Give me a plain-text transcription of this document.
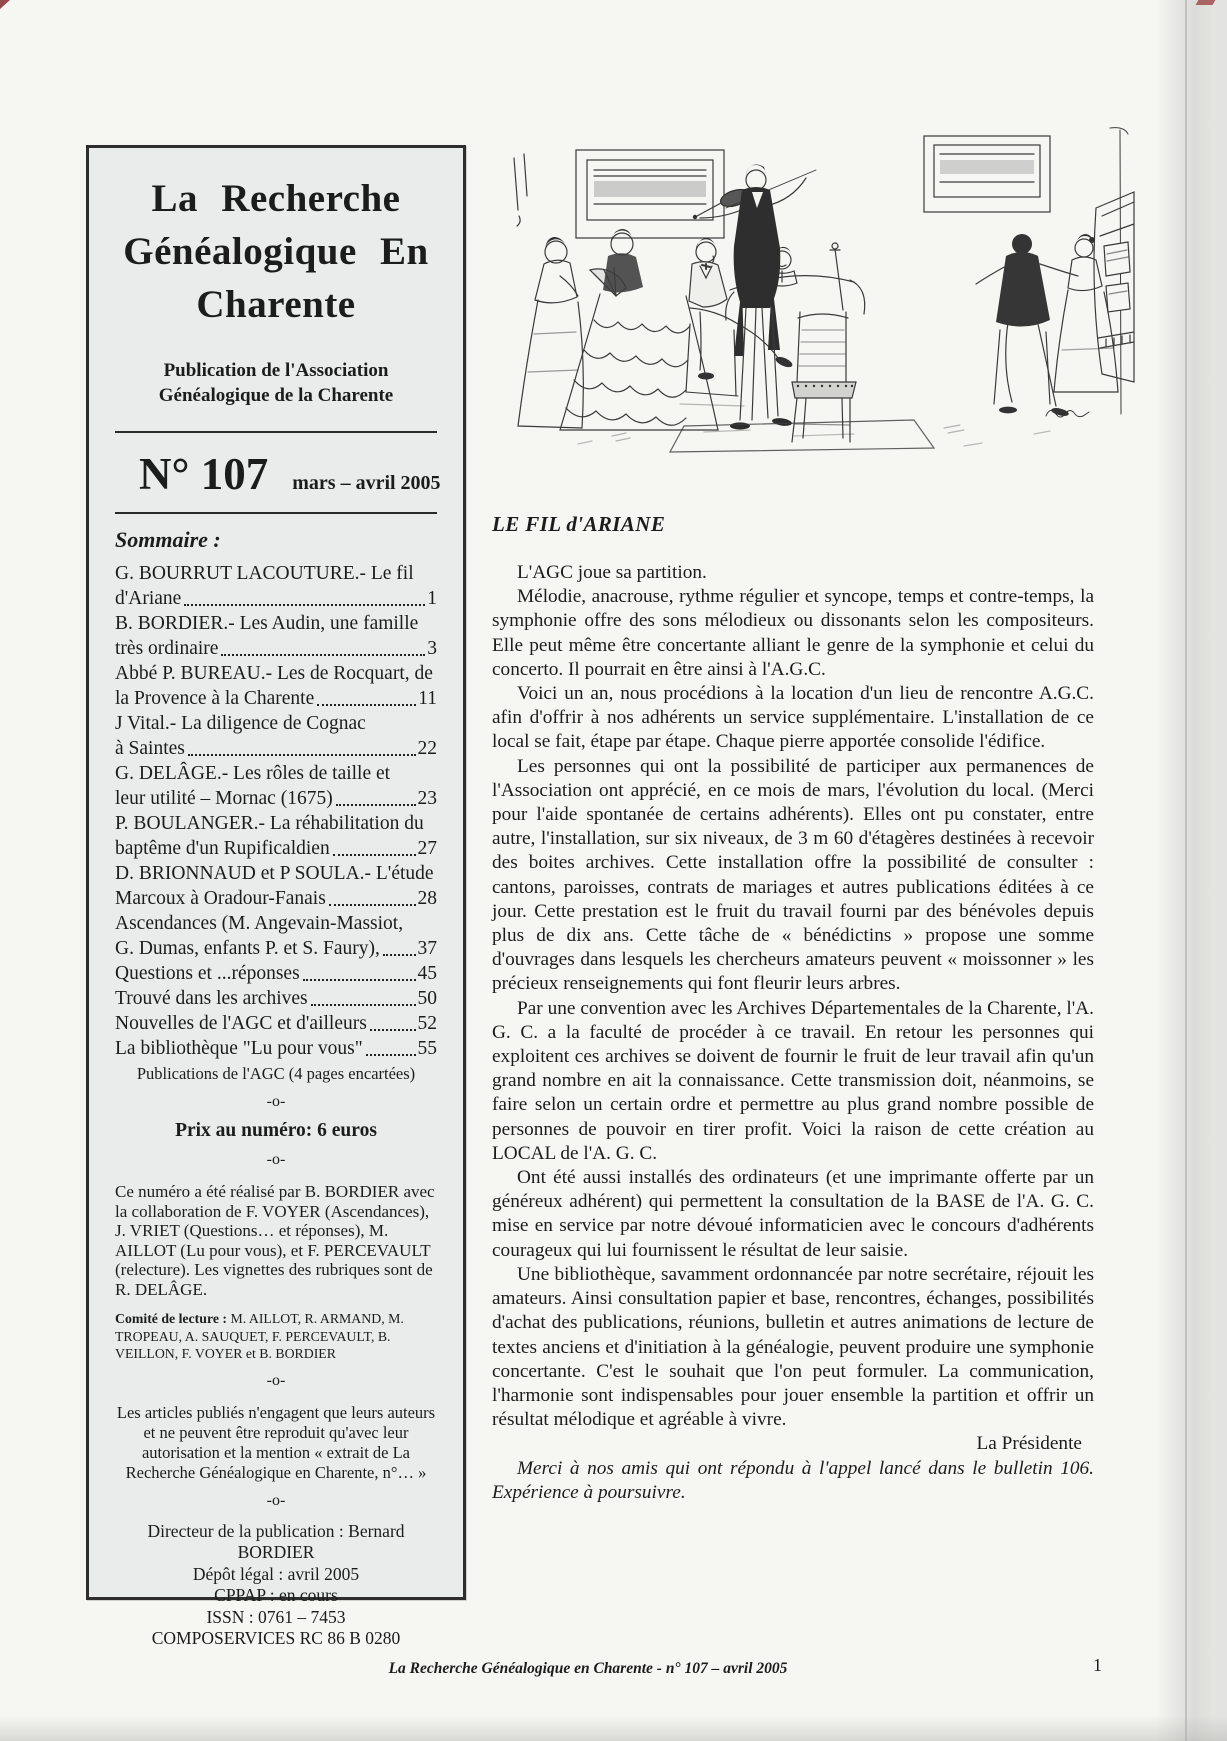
La Recherche Généalogique En Charente
Publication de l'Association
Généalogique de la Charente
N° 107 mars – avril 2005
Sommaire :
G. BOURRUT LACOUTURE.- Le fil
d'Ariane	1
B. BORDIER.- Les Audin, une famille
très ordinaire	3
Abbé P. BUREAU.- Les de Rocquart, de
la Provence à la Charente	11
J Vital.- La diligence de Cognac
à Saintes	22
G. DELÂGE.- Les rôles de taille et
leur utilité – Mornac (1675)	23
P. BOULANGER.- La réhabilitation du
baptême d'un Rupificaldien	27
D. BRIONNAUD et P SOULA.- L'étude
Marcoux à Oradour-Fanais	28
Ascendances (M. Angevain-Massiot,
G. Dumas, enfants P. et S. Faury), 37
Questions et ...réponses	45
Trouvé dans les archives	50
Nouvelles de l'AGC et d'ailleurs	52
La bibliothèque "Lu pour vous"	55
Publications de l'AGC (4 pages encartées)
-o-
Prix au numéro: 6 euros
-o-

Ce numéro a été réalisé par B. BORDIER avec la collaboration de F. VOYER (Ascendances), J. VRIET (Questions… et réponses), M. AILLOT (Lu pour vous), et F. PERCEVAULT (relecture). Les vignettes des rubriques sont de R. DELÂGE.

Comité de lecture : M. AILLOT, R. ARMAND, M. TROPEAU, A. SAUQUET, F. PERCEVAULT, B. VEILLON, F. VOYER et B. BORDIER

-o-

Les articles publiés n'engagent que leurs auteurs et ne peuvent être reproduit qu'avec leur autorisation et la mention « extrait de La Recherche Généalogique en Charente, n°… »

-o-
Directeur de la publication : Bernard BORDIER
Dépôt légal : avril 2005
CPPAP : en cours
ISSN : 0761 – 7453
COMPOSERVICES RC 86 B 0280
LE FIL d'ARIANE

L'AGC joue sa partition.

Mélodie, anacrouse, rythme régulier et syncope, temps et contre-temps, la symphonie offre des sons mélodieux ou dissonants selon les compositeurs. Elle peut même être concertante alliant le genre de la symphonie et celui du concerto. Il pourrait en être ainsi à l'A.G.C.

Voici un an, nous procédions à la location d'un lieu de rencontre A.G.C. afin d'offrir à nos adhérents un service supplémentaire. L'installation de ce local se fait, étape par étape. Chaque pierre apportée consolide l'édifice.

Les personnes qui ont la possibilité de participer aux permanences de l'Association ont apprécié, en ce mois de mars, l'évolution du local. (Merci pour l'aide spontanée de certains adhérents). Elles ont pu constater, entre autre, l'installation, sur six niveaux, de 3 m 60 d'étagères destinées à recevoir des boites archives. Cette installation offre la possibilité de consulter : cantons, paroisses, contrats de mariages et autres publications éditées à ce jour. Cette prestation est le fruit du travail fourni par des bénévoles depuis plus de dix ans. Cette tâche de « bénédictins » propose une somme d'ouvrages dans lesquels les chercheurs amateurs peuvent « moissonner » les précieux renseignements qui font fleurir leurs arbres.

Par une convention avec les Archives Départementales de la Charente, l'A. G. C. a la faculté de procéder à ce travail. En retour les personnes qui exploitent ces archives se doivent de fournir le fruit de leur travail afin qu'un grand nombre en ait la connaissance. Cette transmission doit, néanmoins, se faire selon un certain ordre et permettre au plus grand nombre possible de personnes de pouvoir en tirer profit. Voici la raison de cette création au LOCAL de l'A. G. C.

Ont été aussi installés des ordinateurs (et une imprimante offerte par un généreux adhérent) qui permettent la consultation de la BASE de l'A. G. C. mise en service par notre dévoué informaticien avec le concours d'adhérents courageux qui lui fournissent le résultat de leur saisie.

Une bibliothèque, savamment ordonnancée par notre secrétaire, réjouit les amateurs. Ainsi consultation papier et base, rencontres, échanges, possibilités d'achat des publications, réunions, bulletin et autres animations de lecture de textes anciens et d'initiation à la généalogie, peuvent produire une symphonie concertante. C'est le souhait que l'on peut formuler. La communication, l'harmonie sont indispensables pour jouer ensemble la partition et offrir un résultat mélodique et agréable à vivre.

La Présidente

Merci à nos amis qui ont répondu à l'appel lancé dans le bulletin 106. Expérience à poursuivre.

La Recherche Généalogique en Charente - n° 107 – avril 2005	1
